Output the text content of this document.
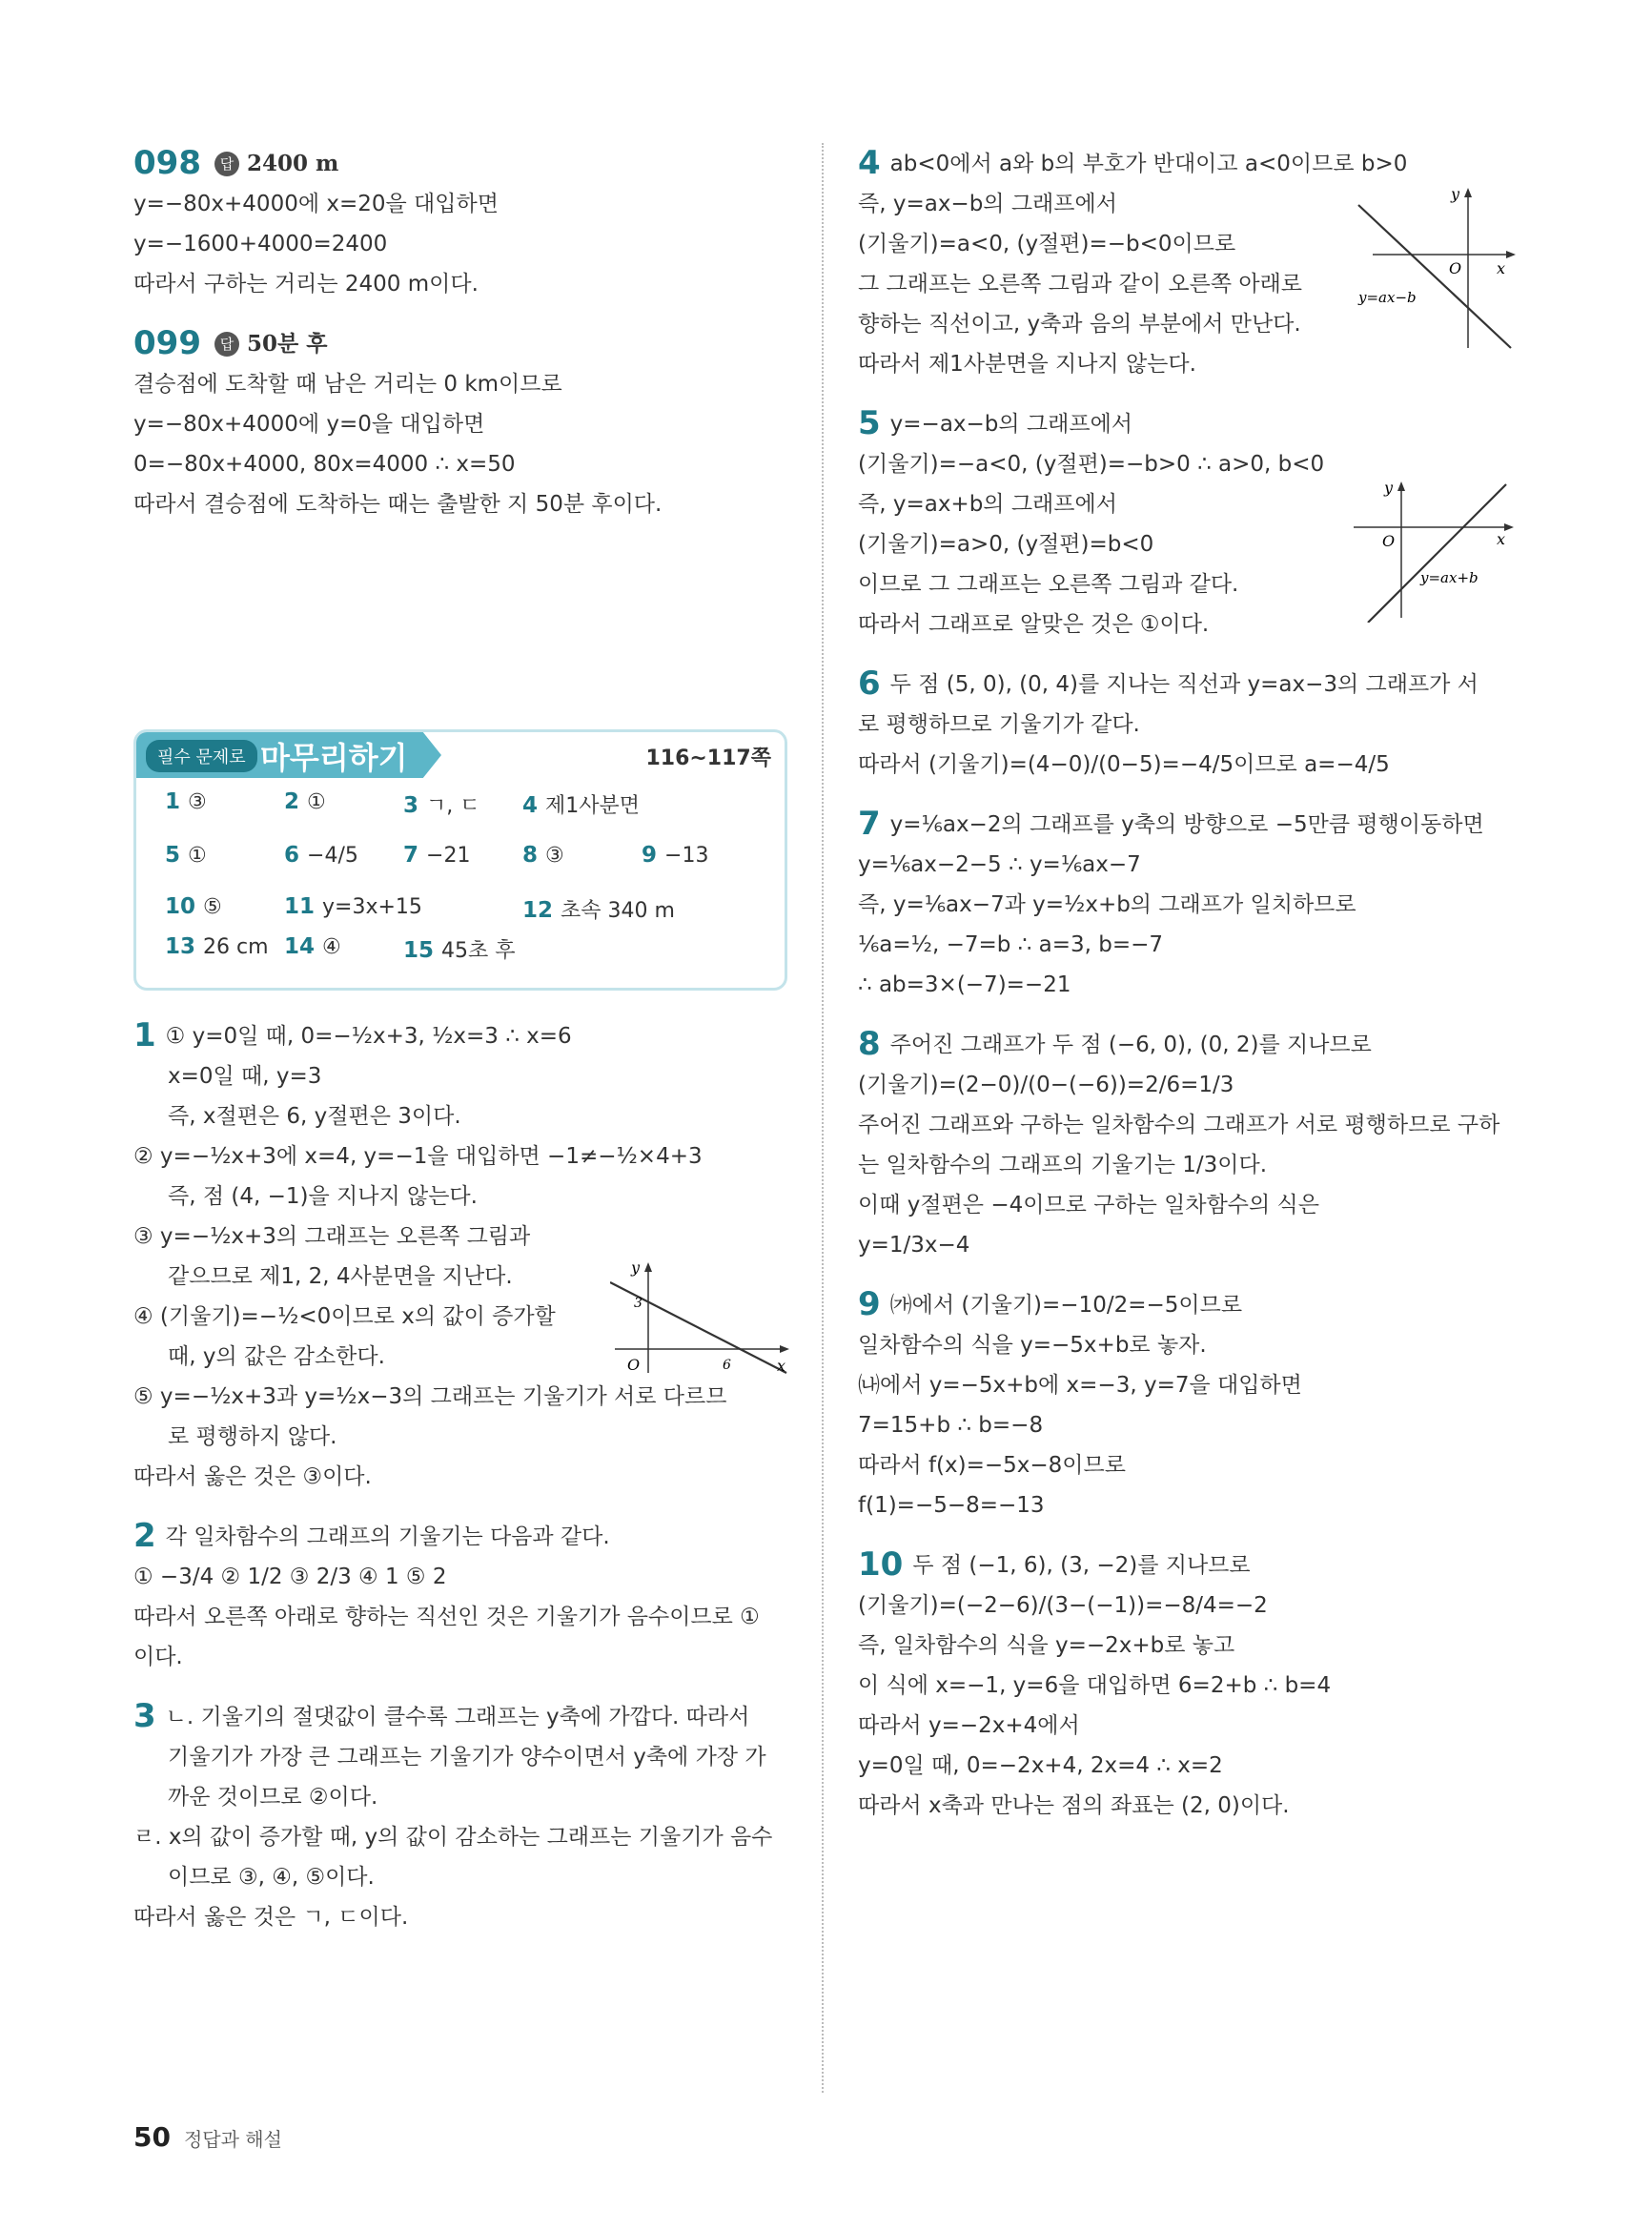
098 답 2400 m
y=−80x+4000에 x=20을 대입하면
y=−1600+4000=2400
따라서 구하는 거리는 2400 m이다.
099 답 50분 후
결승점에 도착할 때 남은 거리는 0 km이므로
y=−80x+4000에 y=0을 대입하면
0=−80x+4000, 80x=4000 ∴ x=50
따라서 결승점에 도착하는 때는 출발한 지 50분 후이다.
필수 문제로 마무리하기	116~117쪽
1 ③	2 ①	3 ㄱ, ㄷ 4 제1사분면
5 ①	6 −4/5 7 −21 8 ③	9 −13
10 ⑤	11 y=3x+15	12 초속 340 m
13 26 cm 14 ④	15 45초 후
1 ① y=0일 때, 0=−½x+3, ½x=3 ∴ x=6
x=0일 때, y=3
즉, x절편은 6, y절편은 3이다.
② y=−½x+3에 x=4, y=−1을 대입하면 −1≠−½×4+3
즉, 점 (4, −1)을 지나지 않는다.
③ y=−½x+3의 그래프는 오른쪽 그림과
같으므로 제1, 2, 4사분면을 지난다.
④ (기울기)=−½<0이므로 x의 값이 증가할
때, y의 값은 감소한다.
⑤ y=−½x+3과 y=½x−3의 그래프는 기울기가 서로 다르므
로 평행하지 않다.
따라서 옳은 것은 ③이다.
y
x
O
3
6
2 각 일차함수의 그래프의 기울기는 다음과 같다.
① −3/4 ② 1/2 ③ 2/3 ④ 1 ⑤ 2
따라서 오른쪽 아래로 향하는 직선인 것은 기울기가 음수이므로 ①
이다.
3 ㄴ. 기울기의 절댓값이 클수록 그래프는 y축에 가깝다. 따라서
기울기가 가장 큰 그래프는 기울기가 양수이면서 y축에 가장 가
까운 것이므로 ②이다.
ㄹ. x의 값이 증가할 때, y의 값이 감소하는 그래프는 기울기가 음수
이므로 ③, ④, ⑤이다.
따라서 옳은 것은 ㄱ, ㄷ이다.
4 ab<0에서 a와 b의 부호가 반대이고 a<0이므로 b>0
즉, y=ax−b의 그래프에서
(기울기)=a<0, (y절편)=−b<0이므로
그 그래프는 오른쪽 그림과 같이 오른쪽 아래로
향하는 직선이고, y축과 음의 부분에서 만난다.
따라서 제1사분면을 지나지 않는다.
y
x
O
y=ax−b
5 y=−ax−b의 그래프에서
(기울기)=−a<0, (y절편)=−b>0 ∴ a>0, b<0
즉, y=ax+b의 그래프에서
(기울기)=a>0, (y절편)=b<0
이므로 그 그래프는 오른쪽 그림과 같다.
따라서 그래프로 알맞은 것은 ①이다.
y
x
O
y=ax+b
6 두 점 (5, 0), (0, 4)를 지나는 직선과 y=ax−3의 그래프가 서
로 평행하므로 기울기가 같다.
따라서 (기울기)=(4−0)/(0−5)=−4/5이므로 a=−4/5
7 y=⅙ax−2의 그래프를 y축의 방향으로 −5만큼 평행이동하면
y=⅙ax−2−5 ∴ y=⅙ax−7
즉, y=⅙ax−7과 y=½x+b의 그래프가 일치하므로
⅙a=½, −7=b ∴ a=3, b=−7
∴ ab=3×(−7)=−21
8 주어진 그래프가 두 점 (−6, 0), (0, 2)를 지나므로
(기울기)=(2−0)/(0−(−6))=2/6=1/3
주어진 그래프와 구하는 일차함수의 그래프가 서로 평행하므로 구하
는 일차함수의 그래프의 기울기는 1/3이다.
이때 y절편은 −4이므로 구하는 일차함수의 식은
y=1/3x−4
9 ㈎에서 (기울기)=−10/2=−5이므로
일차함수의 식을 y=−5x+b로 놓자.
㈏에서 y=−5x+b에 x=−3, y=7을 대입하면
7=15+b ∴ b=−8
따라서 f(x)=−5x−8이므로
f(1)=−5−8=−13
10 두 점 (−1, 6), (3, −2)를 지나므로
(기울기)=(−2−6)/(3−(−1))=−8/4=−2
즉, 일차함수의 식을 y=−2x+b로 놓고
이 식에 x=−1, y=6을 대입하면 6=2+b ∴ b=4
따라서 y=−2x+4에서
y=0일 때, 0=−2x+4, 2x=4 ∴ x=2
따라서 x축과 만나는 점의 좌표는 (2, 0)이다.
50 정답과 해설
